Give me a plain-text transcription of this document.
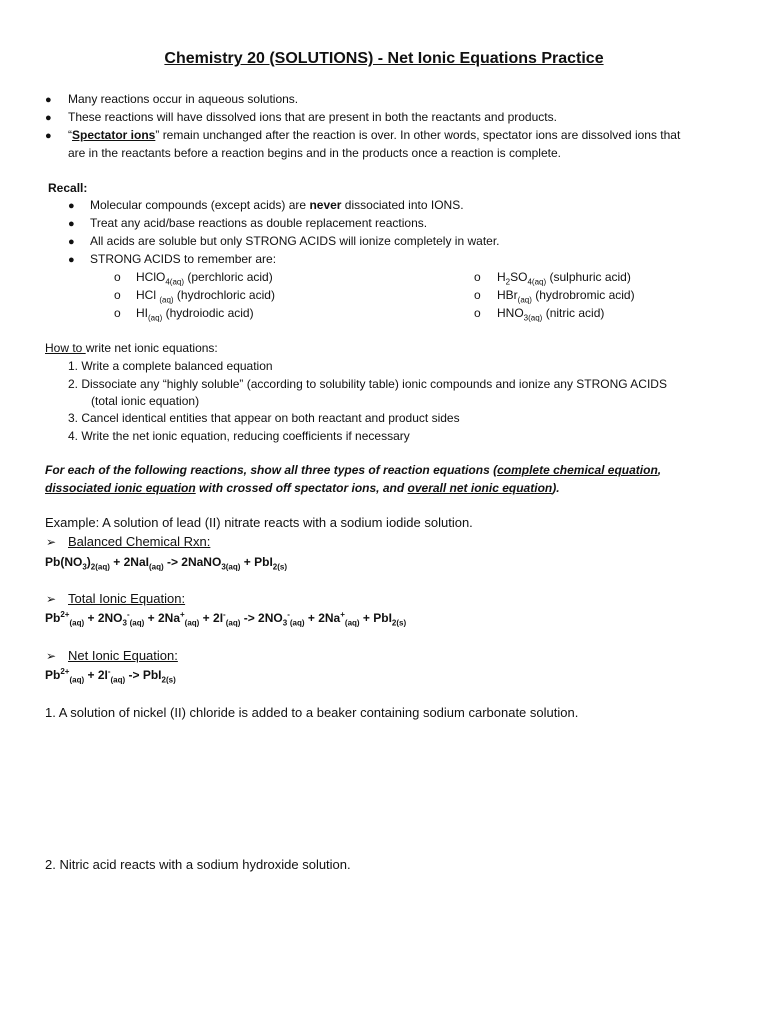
Chemistry 20 (SOLUTIONS) - Net Ionic Equations Practice
● Many reactions occur in aqueous solutions.
● These reactions will have dissolved ions that are present in both the reactants and products.
● “Spectator ions” remain unchanged after the reaction is over. In other words, spectator ions are dissolved ions that
are in the reactants before a reaction begins and in the products once a reaction is complete.
Recall:
● Molecular compounds (except acids) are never dissociated into IONS.
● Treat any acid/base reactions as double replacement reactions.
● All acids are soluble but only STRONG ACIDS will ionize completely in water.
● STRONG ACIDS to remember are:
o HClO$_{4(aq)}$ (perchloric acid)
o HCl $_{(aq)}$ (hydrochloric acid)
o $HI_{(aq)}$ (hydroiodic acid)
o $H_2SO_{4(aq)}$ (sulphuric acid)
o HBr$_{(aq)}$ (hydrobromic acid)
o $HNO_{3(aq)}$ (nitric acid)
How to write net ionic equations:
1. Write a complete balanced equation
2. Dissociate any “highly soluble” (according to solubility table) ionic compounds and ionize any STRONG ACIDS
(total ionic equation)
3. Cancel identical entities that appear on both reactant and product sides
4. Write the net ionic equation, reducing coefficients if necessary
For each of the following reactions, show all three types of reaction equations (complete chemical equation,
dissociated ionic equation with crossed off spectator ions, and overall net ionic equation).
Example: A solution of lead (II) nitrate reacts with a sodium iodide solution.
➢ Balanced Chemical Rxn:
$Pb(NO_3)_{2(aq)} + 2NaI_{(aq)}$ -> 2NaNO$_{3(aq)}$ + PbI$_{2(s)}$
➢ Total Ionic Equation:
$Pb^{2+}_{(aq)} + 2NO_3^-_{(aq)} + 2Na^+_{(aq)} + 2I^-_{(aq)} -> 2NO_3^-_{(aq)} + 2Na^+_{(aq)} + PbI_{2(s)}$
➢ Net Ionic Equation:
$Pb^{2+}_{(aq)} + 2I^-_{(aq)} -> PbI_{2(s)}$
1. A solution of nickel (II) chloride is added to a beaker containing sodium carbonate solution.
2. Nitric acid reacts with a sodium hydroxide solution.
